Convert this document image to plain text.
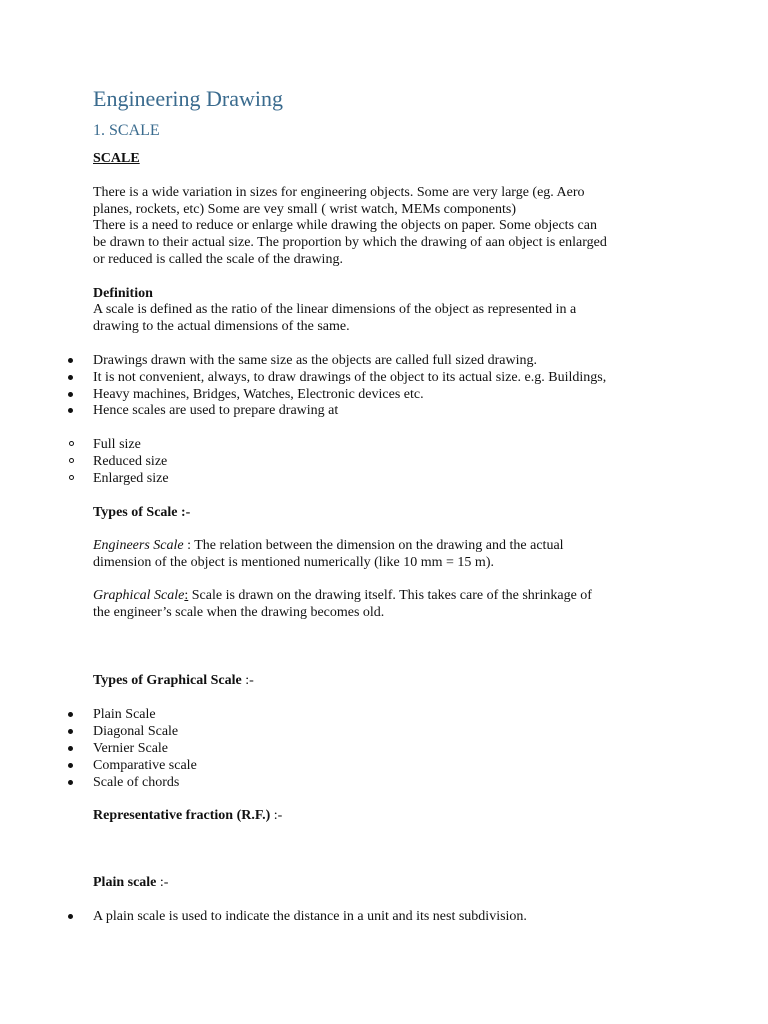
Engineering Drawing
1. SCALE
SCALE
There is a wide variation in sizes for engineering objects. Some are very large (eg. Aero
planes, rockets, etc) Some are vey small ( wrist watch, MEMs components)
There is a need to reduce or enlarge while drawing the objects on paper. Some objects can
be drawn to their actual size. The proportion by which the drawing of aan object is enlarged
or reduced is called the scale of the drawing.
Definition
A scale is defined as the ratio of the linear dimensions of the object as represented in a
drawing to the actual dimensions of the same.
Drawings drawn with the same size as the objects are called full sized drawing.
It is not convenient, always, to draw drawings of the object to its actual size. e.g. Buildings,
Heavy machines, Bridges, Watches, Electronic devices etc.
Hence scales are used to prepare drawing at
Full size
Reduced size
Enlarged size
Types of Scale :-
Engineers Scale : The relation between the dimension on the drawing and the actual
dimension of the object is mentioned numerically (like 10 mm = 15 m).
Graphical Scale: Scale is drawn on the drawing itself. This takes care of the shrinkage of
the engineer’s scale when the drawing becomes old.
Types of Graphical Scale :-
Plain Scale
Diagonal Scale
Vernier Scale
Comparative scale
Scale of chords
Representative fraction (R.F.) :-
Plain scale :-
A plain scale is used to indicate the distance in a unit and its nest subdivision.
